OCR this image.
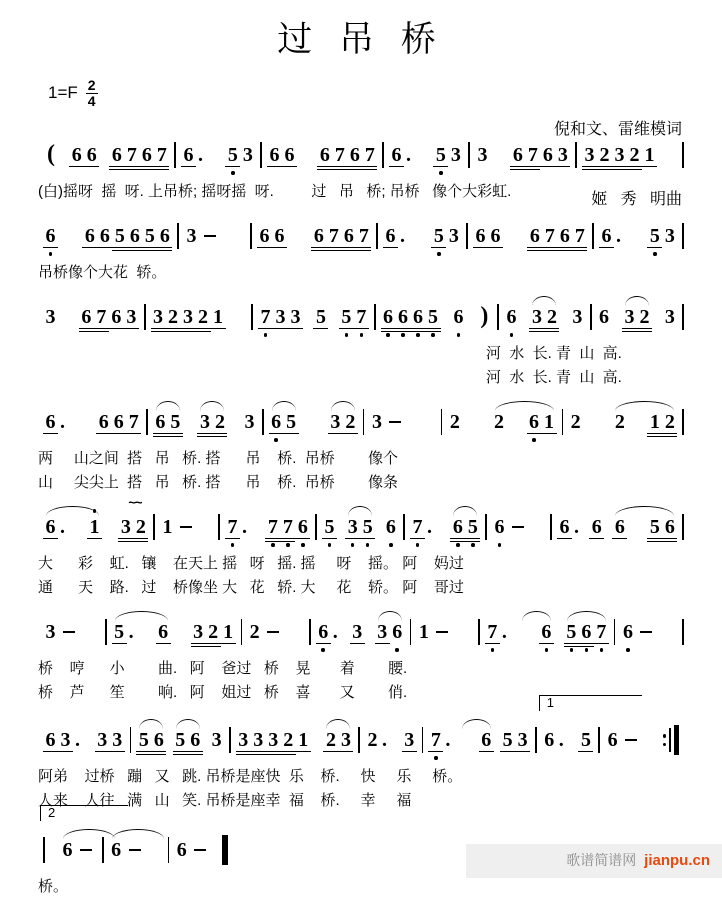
过 吊 桥
$1=F \frac{2}{4}$

倪和文、雷维模词

姬   秀   明曲

( 6 6 6 7 6 7 6 . 5 3 6 6 6 7 6 7 6 . 5 3 3 6 7 6 3 3 2 3 2 1
(白)摇呀  摇  呀. 上吊桥; 摇呀摇  呀.         过   吊   桥; 吊桥   像个大彩虹.
6 6 6 5 6 5 6 3	6 6 6 7 6 7 6 . 5 3 6 6 6 7 6 7 6 . 5 3
吊桥像个大花  轿。
3 6 7 6 3 3 2 3 2 1 7 3 3 5 5 7 6 6 6 5 6 ) 6 3 2 3 6 3 2 3
河  水  长. 青  山  高.
河  水  长. 青  山  高.
6 . 6 6 7 6 5 3 2 3 6 5 3 2 3	2 2 6 1 2 2 1 2
两     山之间  搭   吊   桥. 搭      吊    桥.  吊桥        像个
山     尖尖上  搭   吊   桥. 搭      吊    桥.  吊桥        像条
6 . 1 3 2
~~ 1	7 . 7 7 6 5 3 5 6 7 . 6 5 6	6 . 6 6 5 6
大      彩    虹.   镶    在天上 摇   呀   摇. 摇     呀    摇。 阿    妈过
通      天    路.   过    桥像坐 大   花   轿. 大     花    轿。 阿    哥过
3	5 . 6 3 2 1 2	6 . 3 3 6 1	7 . 6 5 6 7 6
桥    哼      小        曲.   阿    爸过   桥    晃       着        腰.
桥    芦      笙        响.   阿    姐过   桥    喜       又        俏.
6 3 . 3 3 5 6 5 6 3 3 3 3 2 1 2 3 2 . 3 7 . 6 5 3
1
6 . 5 6
阿弟    过桥   蹦   又   跳. 吊桥是座快  乐    桥.     快     乐     桥。
人来    人往   满   山   笑. 吊桥是座幸  福    桥.     幸     福
2
6 6	6
桥。
歌谱简谱网 jianpu.cn
